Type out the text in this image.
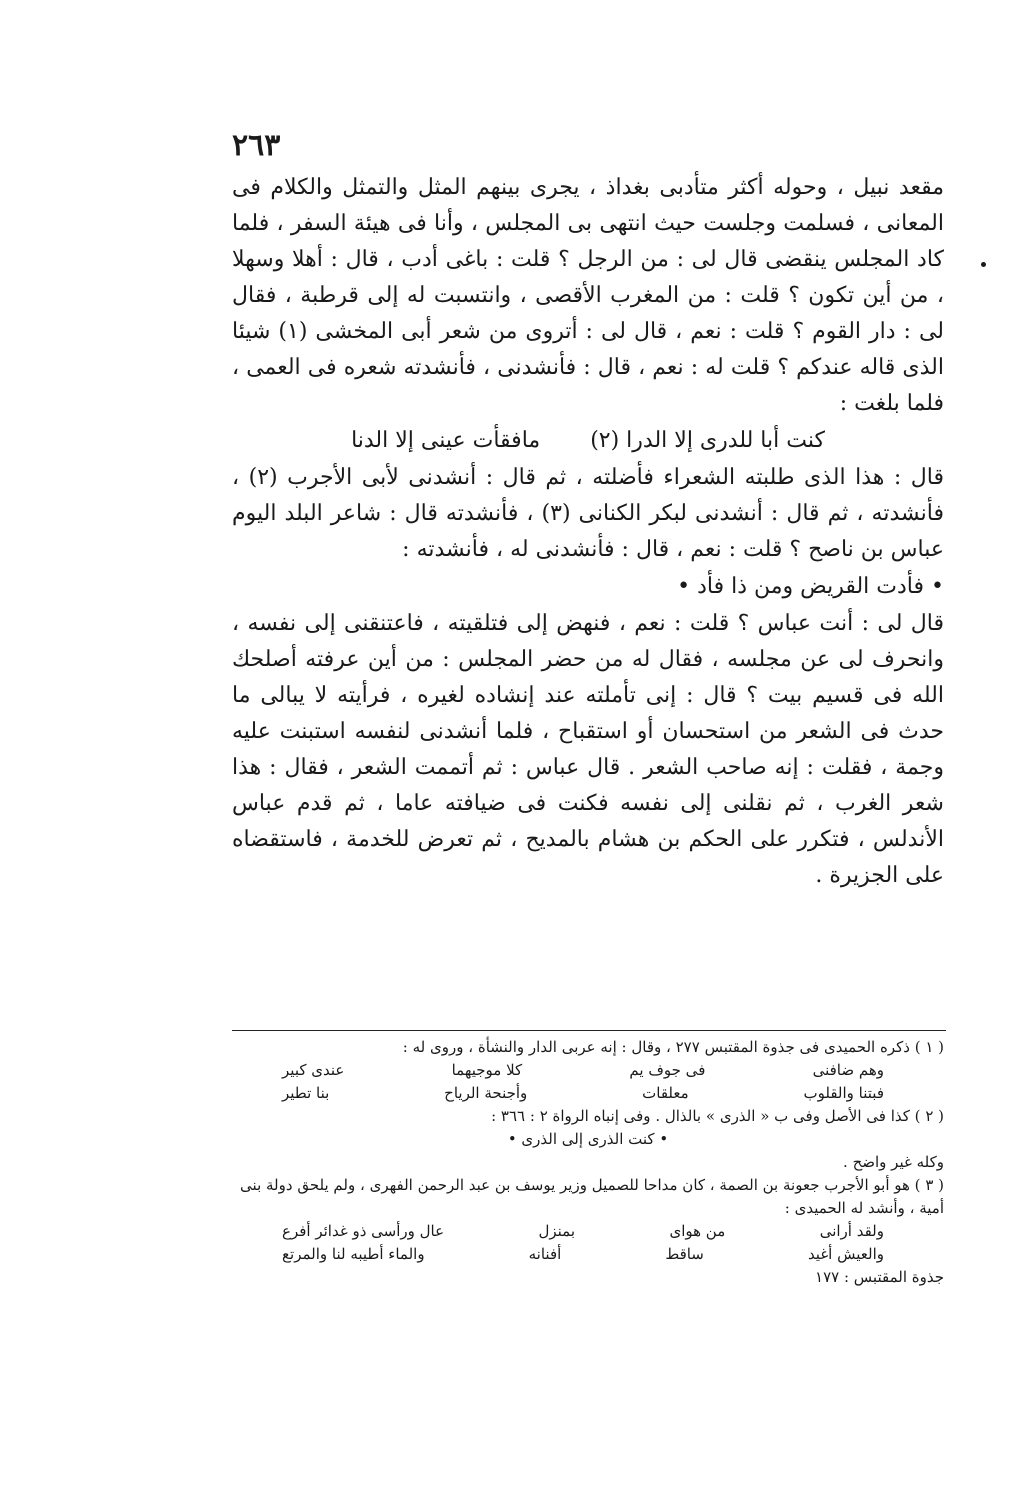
٢٦٣

مقعد نبيل ، وحوله أكثر متأدبى بغداذ ، يجرى بينهم المثل والتمثل والكلام فى المعانى ، فسلمت وجلست حيث انتهى بى المجلس ، وأنا فى هيئة السفر ، فلما كاد المجلس ينقضى قال لى : من الرجل ؟ قلت : باغى أدب ، قال : أهلا وسهلا ، من أين تكون ؟ قلت : من المغرب الأقصى ، وانتسبت له إلى قرطبة ، فقال لى : دار القوم ؟ قلت : نعم ، قال لى : أتروى من شعر أبى المخشى (١) شيئا الذى قاله عندكم ؟ قلت له : نعم ، قال : فأنشدنى ، فأنشدته شعره فى العمى ، فلما بلغت :

كنت أبا للدرى إلا الدرا (٢)
مافقأت عينى إلا الدنا

قال : هذا الذى طلبته الشعراء فأضلته ، ثم قال : أنشدنى لأبى الأجرب (٢) ، فأنشدته ، ثم قال : أنشدنى لبكر الكنانى (٣) ، فأنشدته قال : شاعر البلد اليوم عباس بن ناصح ؟ قلت : نعم ، قال : فأنشدنى له ، فأنشدته :

• فأدت القريض ومن ذا فأد •

قال لى : أنت عباس ؟ قلت : نعم ، فنهض إلى فتلقيته ، فاعتنقنى إلى نفسه ، وانحرف لى عن مجلسه ، فقال له من حضر المجلس : من أين عرفته أصلحك الله فى قسيم بيت ؟ قال : إنى تأملته عند إنشاده لغيره ، فرأيته لا يبالى ما حدث فى الشعر من استحسان أو استقباح ، فلما أنشدنى لنفسه استبنت عليه وجمة ، فقلت : إنه صاحب الشعر . قال عباس : ثم أتممت الشعر ، فقال : هذا شعر الغرب ، ثم نقلنى إلى نفسه فكنت فى ضيافته عاما ، ثم قدم عباس الأندلس ، فتكرر على الحكم بن هشام بالمديح ، ثم تعرض للخدمة ، فاستقضاه على الجزيرة .

( ١ ) ذكره الحميدى فى جذوة المقتبس ٢٧٧ ، وقال : إنه عربى الدار والنشأة ، وروى له :

وهم ضافنى
فى جوف يم
كلا موجيهما
عندى كبير
فبتنا والقلوب
معلقات
وأجنحة الرياح
بنا تطير

( ٢ ) كذا فى الأصل وفى ب « الذرى » بالذال . وفى إنباه الرواة ٢ : ٣٦٦ :

• كنت الذرى إلى الذرى •

وكله غير واضح .

( ٣ ) هو أبو الأجرب جعونة بن الصمة ، كان مداحا للصميل وزير يوسف بن عبد الرحمن الفهرى ، ولم يلحق دولة بنى أمية ، وأنشد له الحميدى :

ولقد أرانى
من هواى
بمنزل
عال ورأسى ذو غدائر أفرع
والعيش أغيد
ساقط
أفنانه
والماء أطيبه لنا والمرتع

جذوة المقتبس : ١٧٧
